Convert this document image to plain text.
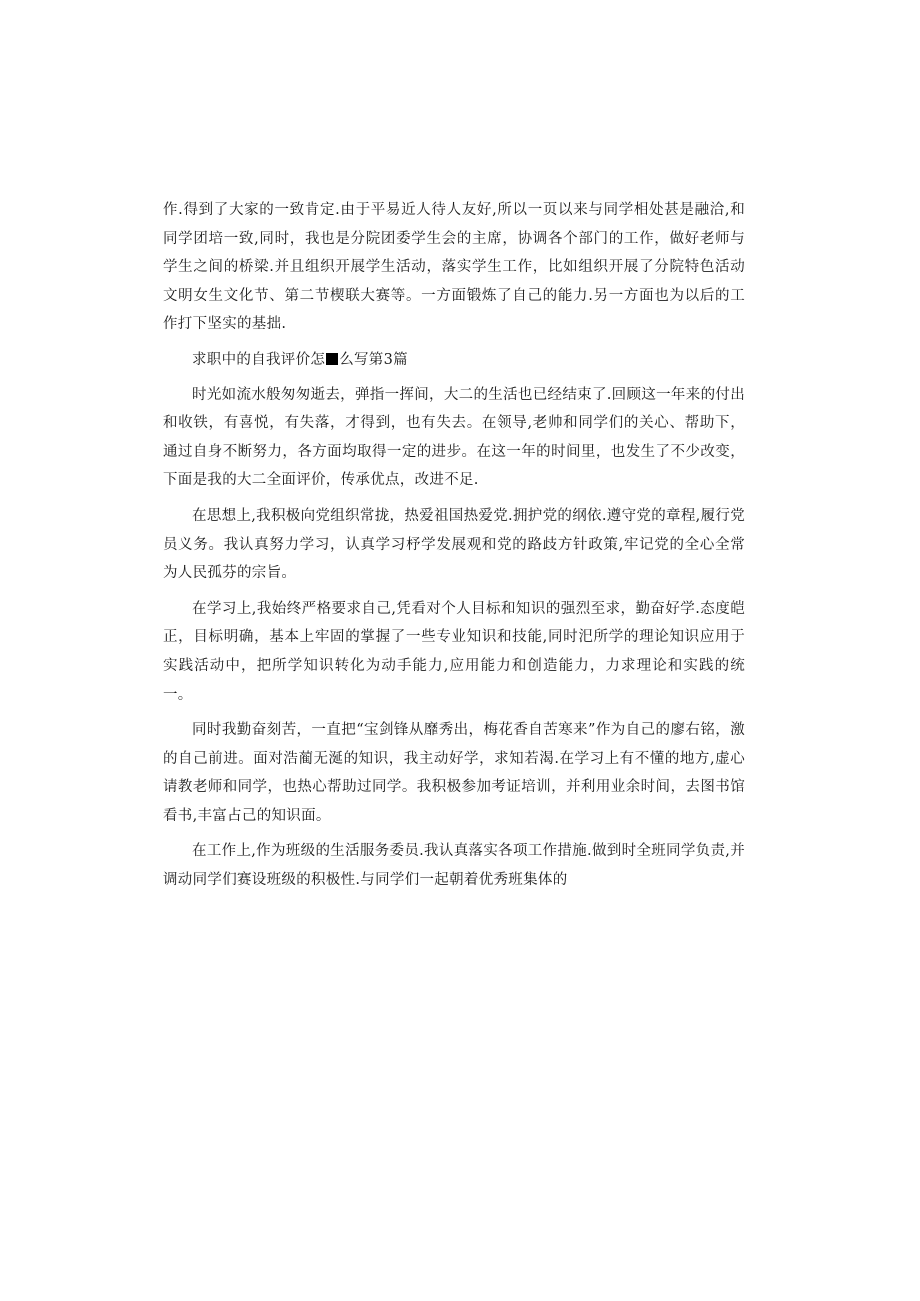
作.得到了大家的一致肯定.由于平易近人待人友好,所以一页以来与同学相处甚是融洽,和同学团培一致,同时，我也是分院团委学生会的主席，协调各个部门的工作，做好老师与学生之间的桥梁.并且组织开展学生活动，落实学生工作，比如组织开展了分院特色活动文明女生文化节、第二节楔联大赛等。一方面锻炼了自己的能力.另一方面也为以后的工作打下坚实的基拙.

求职中的自我评价怎 么写第3篇

时光如流水般匆匆逝去，弹指一挥间，大二的生活也已经结束了.回顾这一年来的付出和收铁，有喜悦，有失落，才得到，也有失去。在领导,老帅和同学们的关心、帮助下，通过自身不断努力，各方面均取得一定的进步。在这一年的时间里，也发生了不少改变，下面是我的大二全面评价，传承优点，改进不足.

在思想上,我积极向党组织常拢，热爱祖国热爱党.拥护党的纲依.遵守党的章程,履行党员义务。我认真努力学习，认真学习杼学发展观和党的路歧方针政策,牢记党的全心全常为人民孤芬的宗旨。

在学习上,我始终严格要求自己,凭看对个人目标和知识的强烈至求，勤奋好学.态度皑正，目标明确，基本上牢固的掌握了一些专业知识和技能,同时汜所学的理论知识应用于实践活动中，把所学知识转化为动手能力,应用能力和创造能力，力求理论和实践的统一。

同时我勤奋刻苦，一直把“宝剑锋从靡秀出，梅花香自苦寒来”作为自己的廖右铭，激的自己前进。面对浩蔺无涎的知识，我主动好学，求知若渴.在学习上有不懂的地方,虚心请教老师和同学，也热心帮助过同学。我积极参加考证培训，并利用业余时间，去图书馆看书,丰富占己的知识面。

在工作上,作为班级的生活服务委员.我认真落实各项工作措施.做到时全班同学负责,并调动同学们赛设班级的积极性.与同学们一起朝着优秀班集体的
